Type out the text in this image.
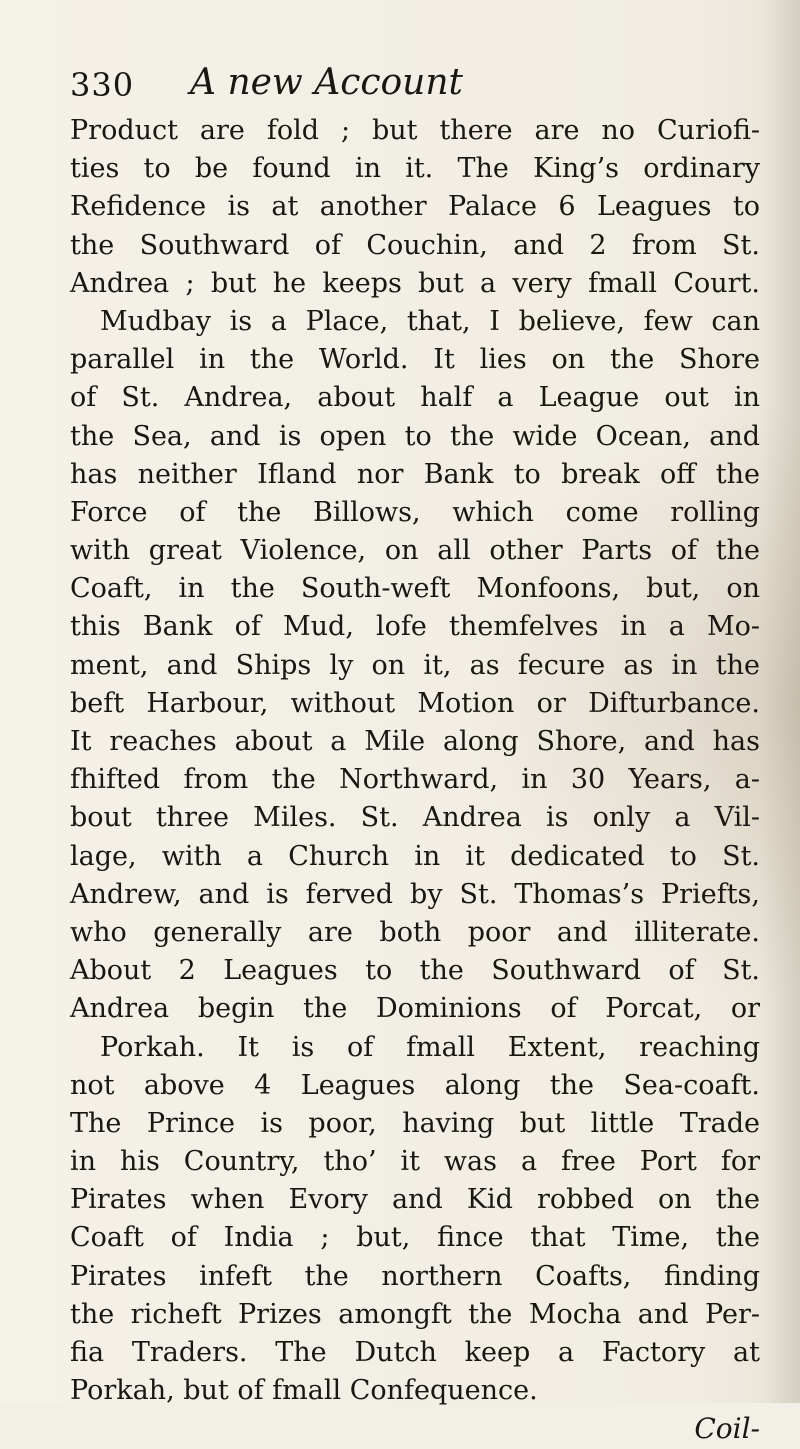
330 A new Account
Product are fold ; but there are no Curiofi-
ties to be found in it. The King’s ordinary
Refidence is at another Palace 6 Leagues to
the Southward of Couchin, and 2 from St.
Andrea ; but he keeps but a very fmall Court.
Mudbay is a Place, that, I believe, few can
parallel in the World. It lies on the Shore
of St. Andrea, about half a League out in
the Sea, and is open to the wide Ocean, and
has neither Ifland nor Bank to break off the
Force of the Billows, which come rolling
with great Violence, on all other Parts of the
Coaft, in the South-weft Monfoons, but, on
this Bank of Mud, lofe themfelves in a Mo-
ment, and Ships ly on it, as fecure as in the
beft Harbour, without Motion or Difturbance.
It reaches about a Mile along Shore, and has
fhifted from the Northward, in 30 Years, a-
bout three Miles. St. Andrea is only a Vil-
lage, with a Church in it dedicated to St.
Andrew, and is ferved by St. Thomas’s Priefts,
who generally are both poor and illiterate.
About 2 Leagues to the Southward of St.
Andrea begin the Dominions of Porcat, or
Porkah. It is of fmall Extent, reaching
not above 4 Leagues along the Sea-coaft.
The Prince is poor, having but little Trade
in his Country, tho’ it was a free Port for
Pirates when Evory and Kid robbed on the
Coaft of India ; but, fince that Time, the
Pirates infeft the northern Coafts, finding
the richeft Prizes amongft the Mocha and Per-
fia Traders. The Dutch keep a Factory at
Porkah, but of fmall Confequence.
Coil-
